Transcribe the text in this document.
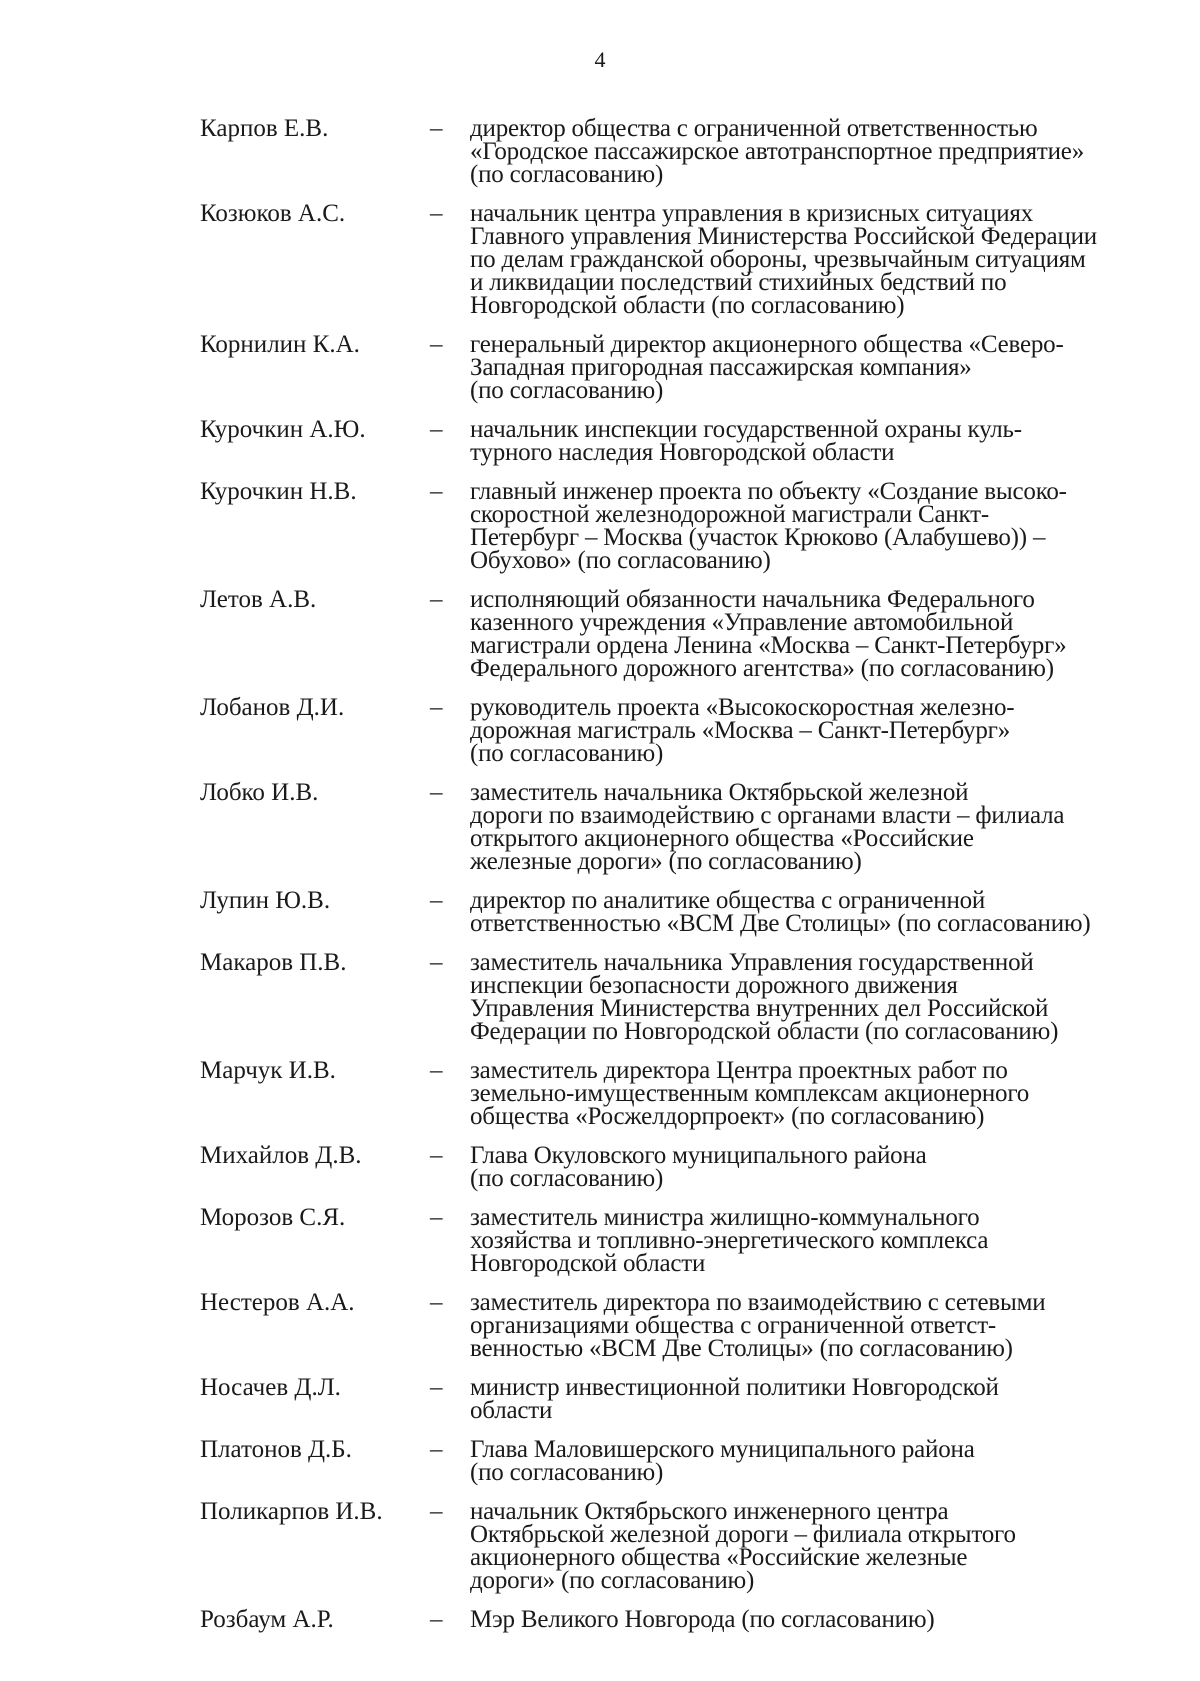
4
Карпов Е.В.	–	директор общества с ограниченной ответственностью
«Городское пассажирское автотранспортное предприятие»
(по согласованию)
Козюков А.С.	–	начальник центра управления в кризисных ситуациях
Главного управления Министерства Российской Федерации
по делам гражданской обороны, чрезвычайным ситуациям
и ликвидации последствий стихийных бедствий по
Новгородской области (по согласованию)
Корнилин К.А.	–	генеральный директор акционерного общества «Северо-
Западная пригородная пассажирская компания»
(по согласованию)
Курочкин А.Ю.	–	начальник инспекции государственной охраны куль-
турного наследия Новгородской области
Курочкин Н.В.	–	главный инженер проекта по объекту «Создание высоко-
скоростной железнодорожной магистрали Санкт-
Петербург – Москва (участок Крюково (Алабушево)) –
Обухово» (по согласованию)
Летов А.В.	–	исполняющий обязанности начальника Федерального
казенного учреждения «Управление автомобильной
магистрали ордена Ленина «Москва – Санкт-Петербург»
Федерального дорожного агентства» (по согласованию)
Лобанов Д.И.	–	руководитель проекта «Высокоскоростная железно-
дорожная магистраль «Москва – Санкт-Петербург»
(по согласованию)
Лобко И.В.	–	заместитель начальника Октябрьской железной
дороги по взаимодействию с органами власти – филиала
открытого акционерного общества «Российские
железные дороги» (по согласованию)
Лупин Ю.В.	–	директор по аналитике общества с ограниченной
ответственностью «ВСМ Две Столицы» (по согласованию)
Макаров П.В.	–	заместитель начальника Управления государственной
инспекции безопасности дорожного движения
Управления Министерства внутренних дел Российской
Федерации по Новгородской области (по согласованию)
Марчук И.В.	–	заместитель директора Центра проектных работ по
земельно-имущественным комплексам акционерного
общества «Росжелдорпроект» (по согласованию)
Михайлов Д.В.	–	Глава Окуловского муниципального района
(по согласованию)
Морозов С.Я.	–	заместитель министра жилищно-коммунального
хозяйства и топливно-энергетического комплекса
Новгородской области
Нестеров А.А.	–	заместитель директора по взаимодействию с сетевыми
организациями общества с ограниченной ответст-
венностью «ВСМ Две Столицы» (по согласованию)
Носачев Д.Л.	–	министр инвестиционной политики Новгородской
области
Платонов Д.Б.	–	Глава Маловишерского муниципального района
(по согласованию)
Поликарпов И.В.	–	начальник Октябрьского инженерного центра
Октябрьской железной дороги – филиала открытого
акционерного общества «Российские железные
дороги» (по согласованию)
Розбаум А.Р.	–	Мэр Великого Новгорода (по согласованию)
